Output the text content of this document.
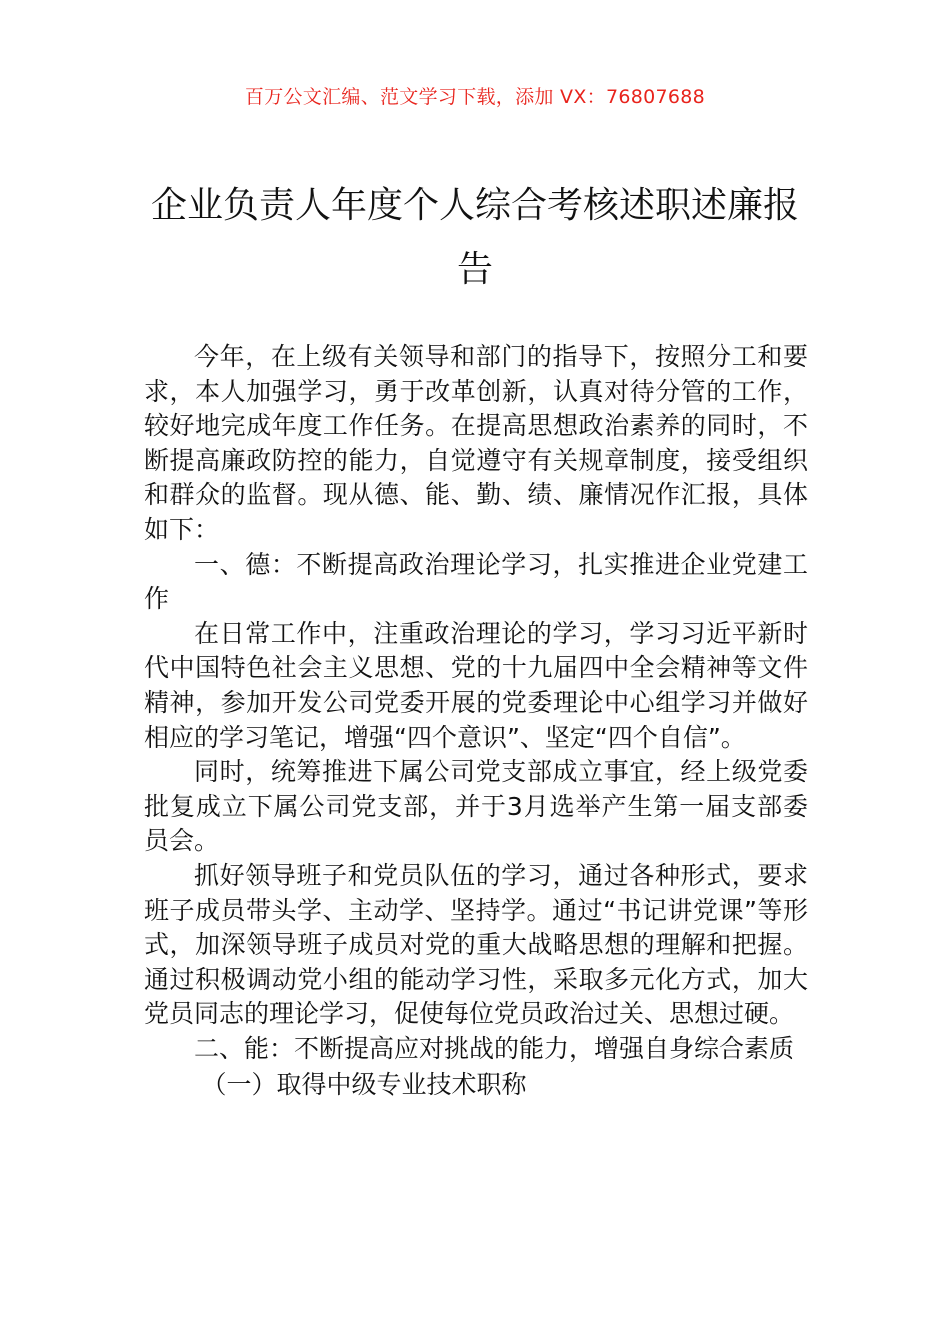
百万公文汇编、范文学习下载，添加 VX：76807688
企业负责人年度个人综合考核述职述廉报告

今年，在上级有关领导和部门的指导下，按照分工和要求，本人加强学习，勇于改革创新，认真对待分管的工作，较好地完成年度工作任务。在提高思想政治素养的同时，不断提高廉政防控的能力，自觉遵守有关规章制度，接受组织和群众的监督。现从德、能、勤、绩、廉情况作汇报，具体如下：

一、德：不断提高政治理论学习，扎实推进企业党建工作

在日常工作中，注重政治理论的学习，学习习近平新时代中国特色社会主义思想、党的十九届四中全会精神等文件精神，参加开发公司党委开展的党委理论中心组学习并做好相应的学习笔记，增强“四个意识”、坚定“四个自信”。

同时，统筹推进下属公司党支部成立事宜，经上级党委批复成立下属公司党支部，并于3月选举产生第一届支部委员会。

抓好领导班子和党员队伍的学习，通过各种形式，要求班子成员带头学、主动学、坚持学。通过“书记讲党课”等形式，加深领导班子成员对党的重大战略思想的理解和把握。通过积极调动党小组的能动学习性，采取多元化方式，加大党员同志的理论学习，促使每位党员政治过关、思想过硬。

二、能：不断提高应对挑战的能力，增强自身综合素质

（一）取得中级专业技术职称
